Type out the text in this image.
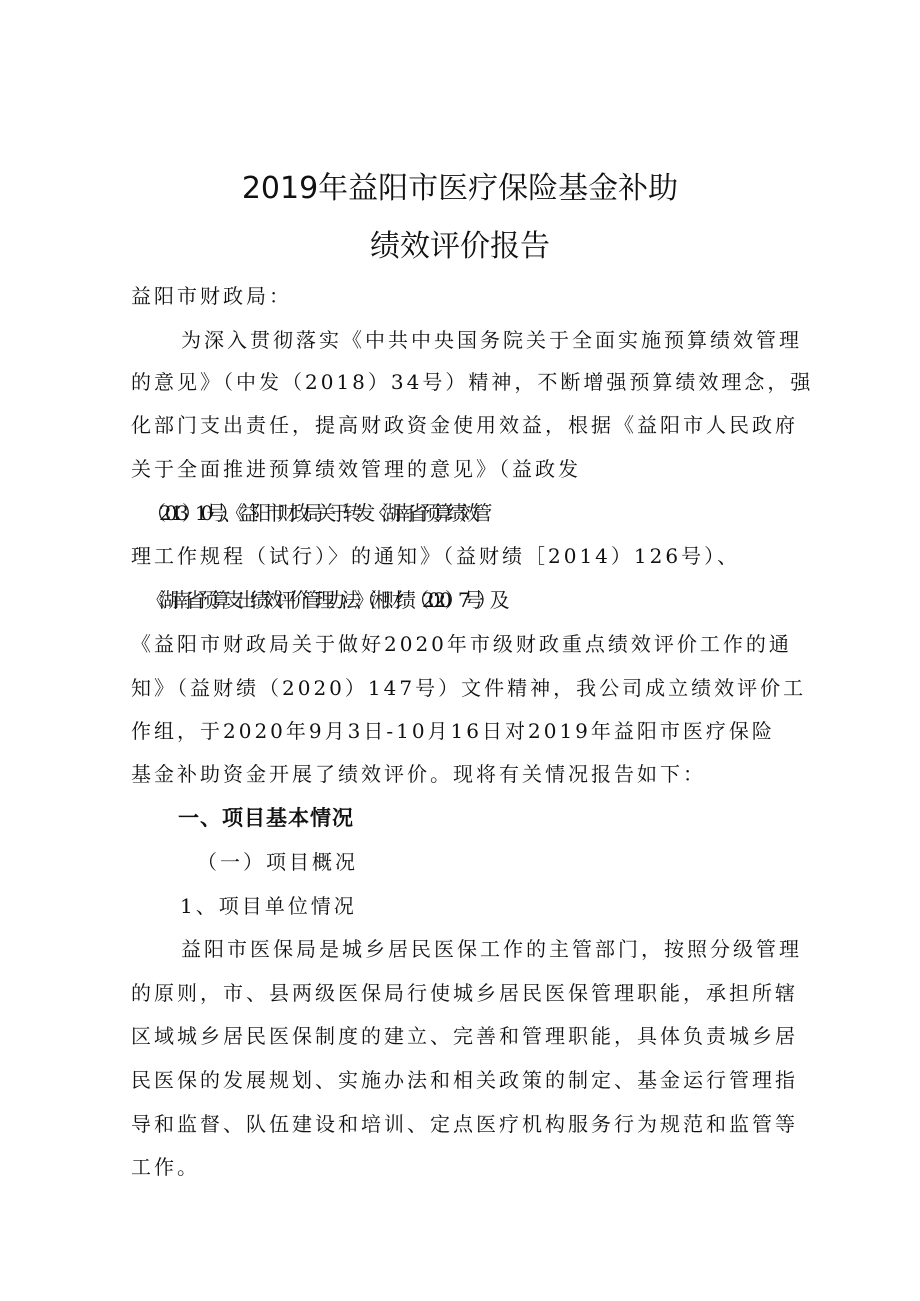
2019年益阳市医疗保险基金补助
绩效评价报告
益阳市财政局：
为深入贯彻落实《中共中央国务院关于全面实施预算绩效管理
的意见》（中发（2018）34号）精神，不断增强预算绩效理念，强
化部门支出责任，提高财政资金使用效益，根据《益阳市人民政府
关于全面推进预算绩效管理的意见》（益政发
（2013）10号）、《益阳市财政局关于转发〈湖南省预算绩效管
理工作规程（试行）〉的通知》（益财绩［2014）126号）、
《湖南省预算支出绩效评价管理办法》（湘财绩（2020）7号）及
《益阳市财政局关于做好2020年市级财政重点绩效评价工作的通
知》（益财绩（2020）147号）文件精神，我公司成立绩效评价工
作组，于2020年9月3日-10月16日对2019年益阳市医疗保险
基金补助资金开展了绩效评价。现将有关情况报告如下：
一、项目基本情况
（一）项目概况
1、项目单位情况
益阳市医保局是城乡居民医保工作的主管部门，按照分级管理
的原则，市、县两级医保局行使城乡居民医保管理职能，承担所辖
区域城乡居民医保制度的建立、完善和管理职能，具体负责城乡居
民医保的发展规划、实施办法和相关政策的制定、基金运行管理指
导和监督、队伍建设和培训、定点医疗机构服务行为规范和监管等
工作。
